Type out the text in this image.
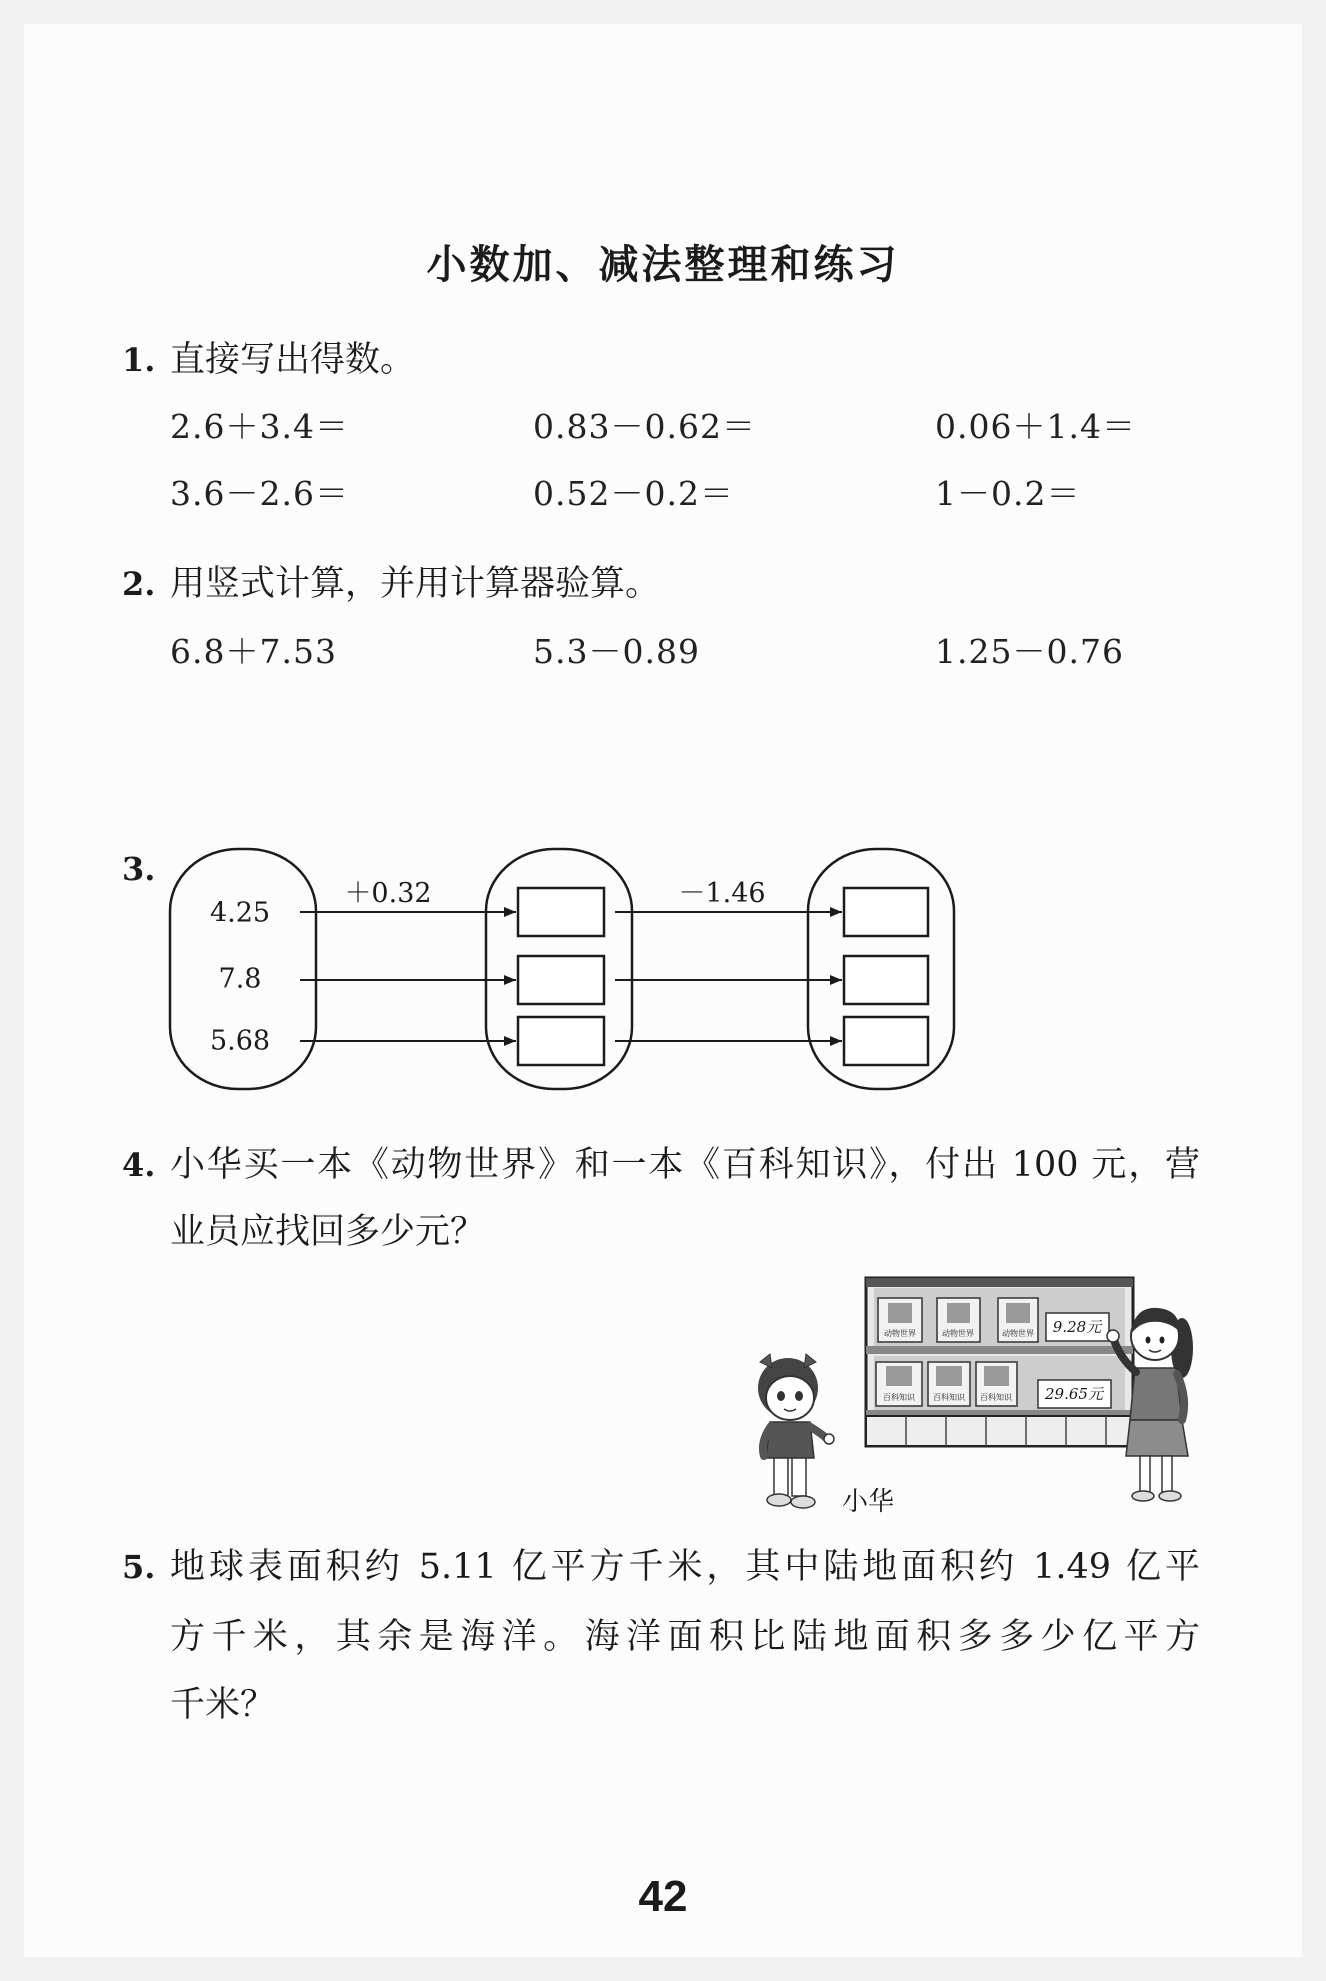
小数加、减法整理和练习
1. 直接写出得数。
2.6＋3.4＝	0.83－0.62＝	0.06＋1.4＝
3.6－2.6＝	0.52－0.2＝	1－0.2＝
2. 用竖式计算，并用计算器验算。
6.8＋7.53	5.3－0.89	1.25－0.76
3.
4.25
7.8
5.68
＋0.32	－1.46
4. 小华买一本《动物世界》和一本《百科知识》，付出 100 元，营
业员应找回多少元？
动物世界	动物世界	动物世界 9.28元
百科知识 百科知识 百科知识 29.65元
小华
5. 地球表面积约 5.11 亿平方千米，其中陆地面积约 1.49 亿平
方千米，其余是海洋。海洋面积比陆地面积多多少亿平方
千米？
42
